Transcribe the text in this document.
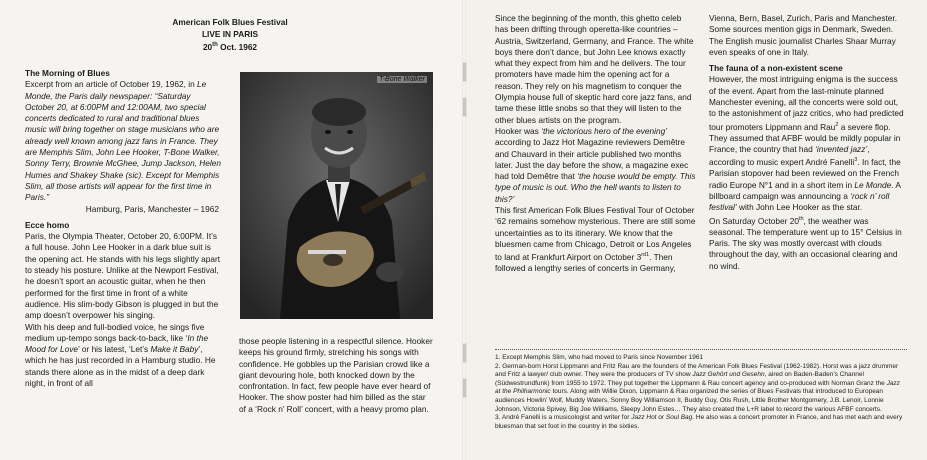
American Folk Blues Festival
LIVE IN PARIS
20th Oct. 1962
The Morning of Blues

Excerpt from an article of October 19, 1962, in Le Monde, the Paris daily newspaper: “Saturday October 20, at 6:00PM and 12:00AM, two special concerts dedicated to rural and traditional blues music will bring together on stage musicians who are already well known among jazz fans in France. They are Memphis Slim, John Lee Hooker, T-Bone Walker, Sonny Terry, Brownie McGhee, Jump Jackson, Helen Humes and Shakey Shake (sic). Except for Memphis Slim, all those artists will appear for the first time in Paris.”

Hamburg, Paris, Manchester – 1962
Ecce homo

Paris, the Olympia Theater, October 20, 6:00PM. It’s a full house. John Lee Hooker in a dark blue suit is the opening act. He stands with his legs slightly apart to steady his posture. Unlike at the Newport Festival, he doesn’t sport an acoustic guitar, when he then performed for the first time in front of a white audience. His slim-body Gibson is plugged in but the amp doesn’t overpower his singing.

With his deep and full-bodied voice, he sings five medium up-tempo songs back-to-back, like ‘In the Mood for Love’ or his latest, ‘Let’s Make it Baby’, which he has just recorded in a Hamburg studio. He stands there alone as in the midst of a deep dark night, in front of all

T-Bone Walker

those people listening in a respectful silence. Hooker keeps his ground firmly, stretching his songs with confidence. He gobbles up the Parisian crowd like a giant devouring hole, both knocked down by the confrontation. In fact, few people have ever heard of Hooker. The show poster had him billed as the star of a ‘Rock n’ Roll’ concert, with a heavy promo plan.

Since the beginning of the month, this ghetto celeb has been drifting through operetta-like countries – Austria, Switzerland, Germany, and France. The white boys there don’t dance, but John Lee knows exactly what they expect from him and he delivers. The tour promoters have made him the opening act for a reason. They rely on his magnetism to conquer the Olympia house full of skeptic hard core jazz fans, and tame these little snobs so that they will listen to the other blues artists on the program.

Hooker was ‘the victorious hero of the evening’ according to Jazz Hot Magazine reviewers Demêtre and Chauvard in their article published two months later. Just the day before the show, a magazine exec had told Demêtre that ‘the house would be empty. This type of music is out. Who the hell wants to listen to this?’

This first American Folk Blues Festival Tour of October ’62 remains somehow mysterious. There are still some uncertainties as to its itinerary. We know that the bluesmen came from Chicago, Detroit or Los Angeles to land at Frankfurt Airport on October $3^{rd1}$. Then followed a lengthy series of concerts in Germany,

Vienna, Bern, Basel, Zurich, Paris and Manchester. Some sources mention gigs in Denmark, Sweden. The English music journalist Charles Shaar Murray even speaks of one in Italy.

The fauna of a non-existent scene

However, the most intriguing enigma is the success of the event. Apart from the last-minute planned Manchester evening, all the concerts were sold out, to the astonishment of jazz critics, who had predicted tour promoters Lippmann and Rau$^2$ a severe flop. They assumed that AFBF would be mildly popular in France, the country that had ‘invented jazz’, according to music expert André Fanelli$^3$. In fact, the Parisian stopover had been reviewed on the French radio Europe N°1 and in a short item in Le Monde. A billboard campaign was announcing a ‘rock n’ roll festival’ with John Lee Hooker as the star.

On Saturday October 20th, the weather was seasonal. The temperature went up to 15° Celsius in Paris. The sky was mostly overcast with clouds throughout the day, with an occasional clearing and no wind.

1. Except Memphis Slim, who had moved to Paris since November 1961

2. German-born Horst Lippmann and Fritz Rau are the founders of the American Folk Blues Festival (1962-1982). Horst was a jazz drummer and Fritz a lawyer/ club owner. They were the producers of TV show Jazz Gehört und Gesehn, aired on Baden-Baden’s Channel (Südwestrundfunk) from 1955 to 1972. They put together the Lippmann & Rau concert agency and co-produced with Norman Granz the Jazz at the Philharmonic tours. Along with Willie Dixon, Lippmann & Rau organized the series of Blues Festivals that introduced to European audiences Howlin’ Wolf, Muddy Waters, Sonny Boy Williamson II, Buddy Guy, Otis Rush, Little Brother Montgomery, J.B. Lenoir, Lonnie Johnson, Victoria Spivey, Big Joe Williams, Sleepy John Estes… They also created the L+R label to record the various AFBF concerts.

3. André Fanelli is a musicologist and writer for Jazz Hot or Soul Bag. He also was a concert promoter in France, and has met each and every bluesman that set foot in the country in the sixties.
